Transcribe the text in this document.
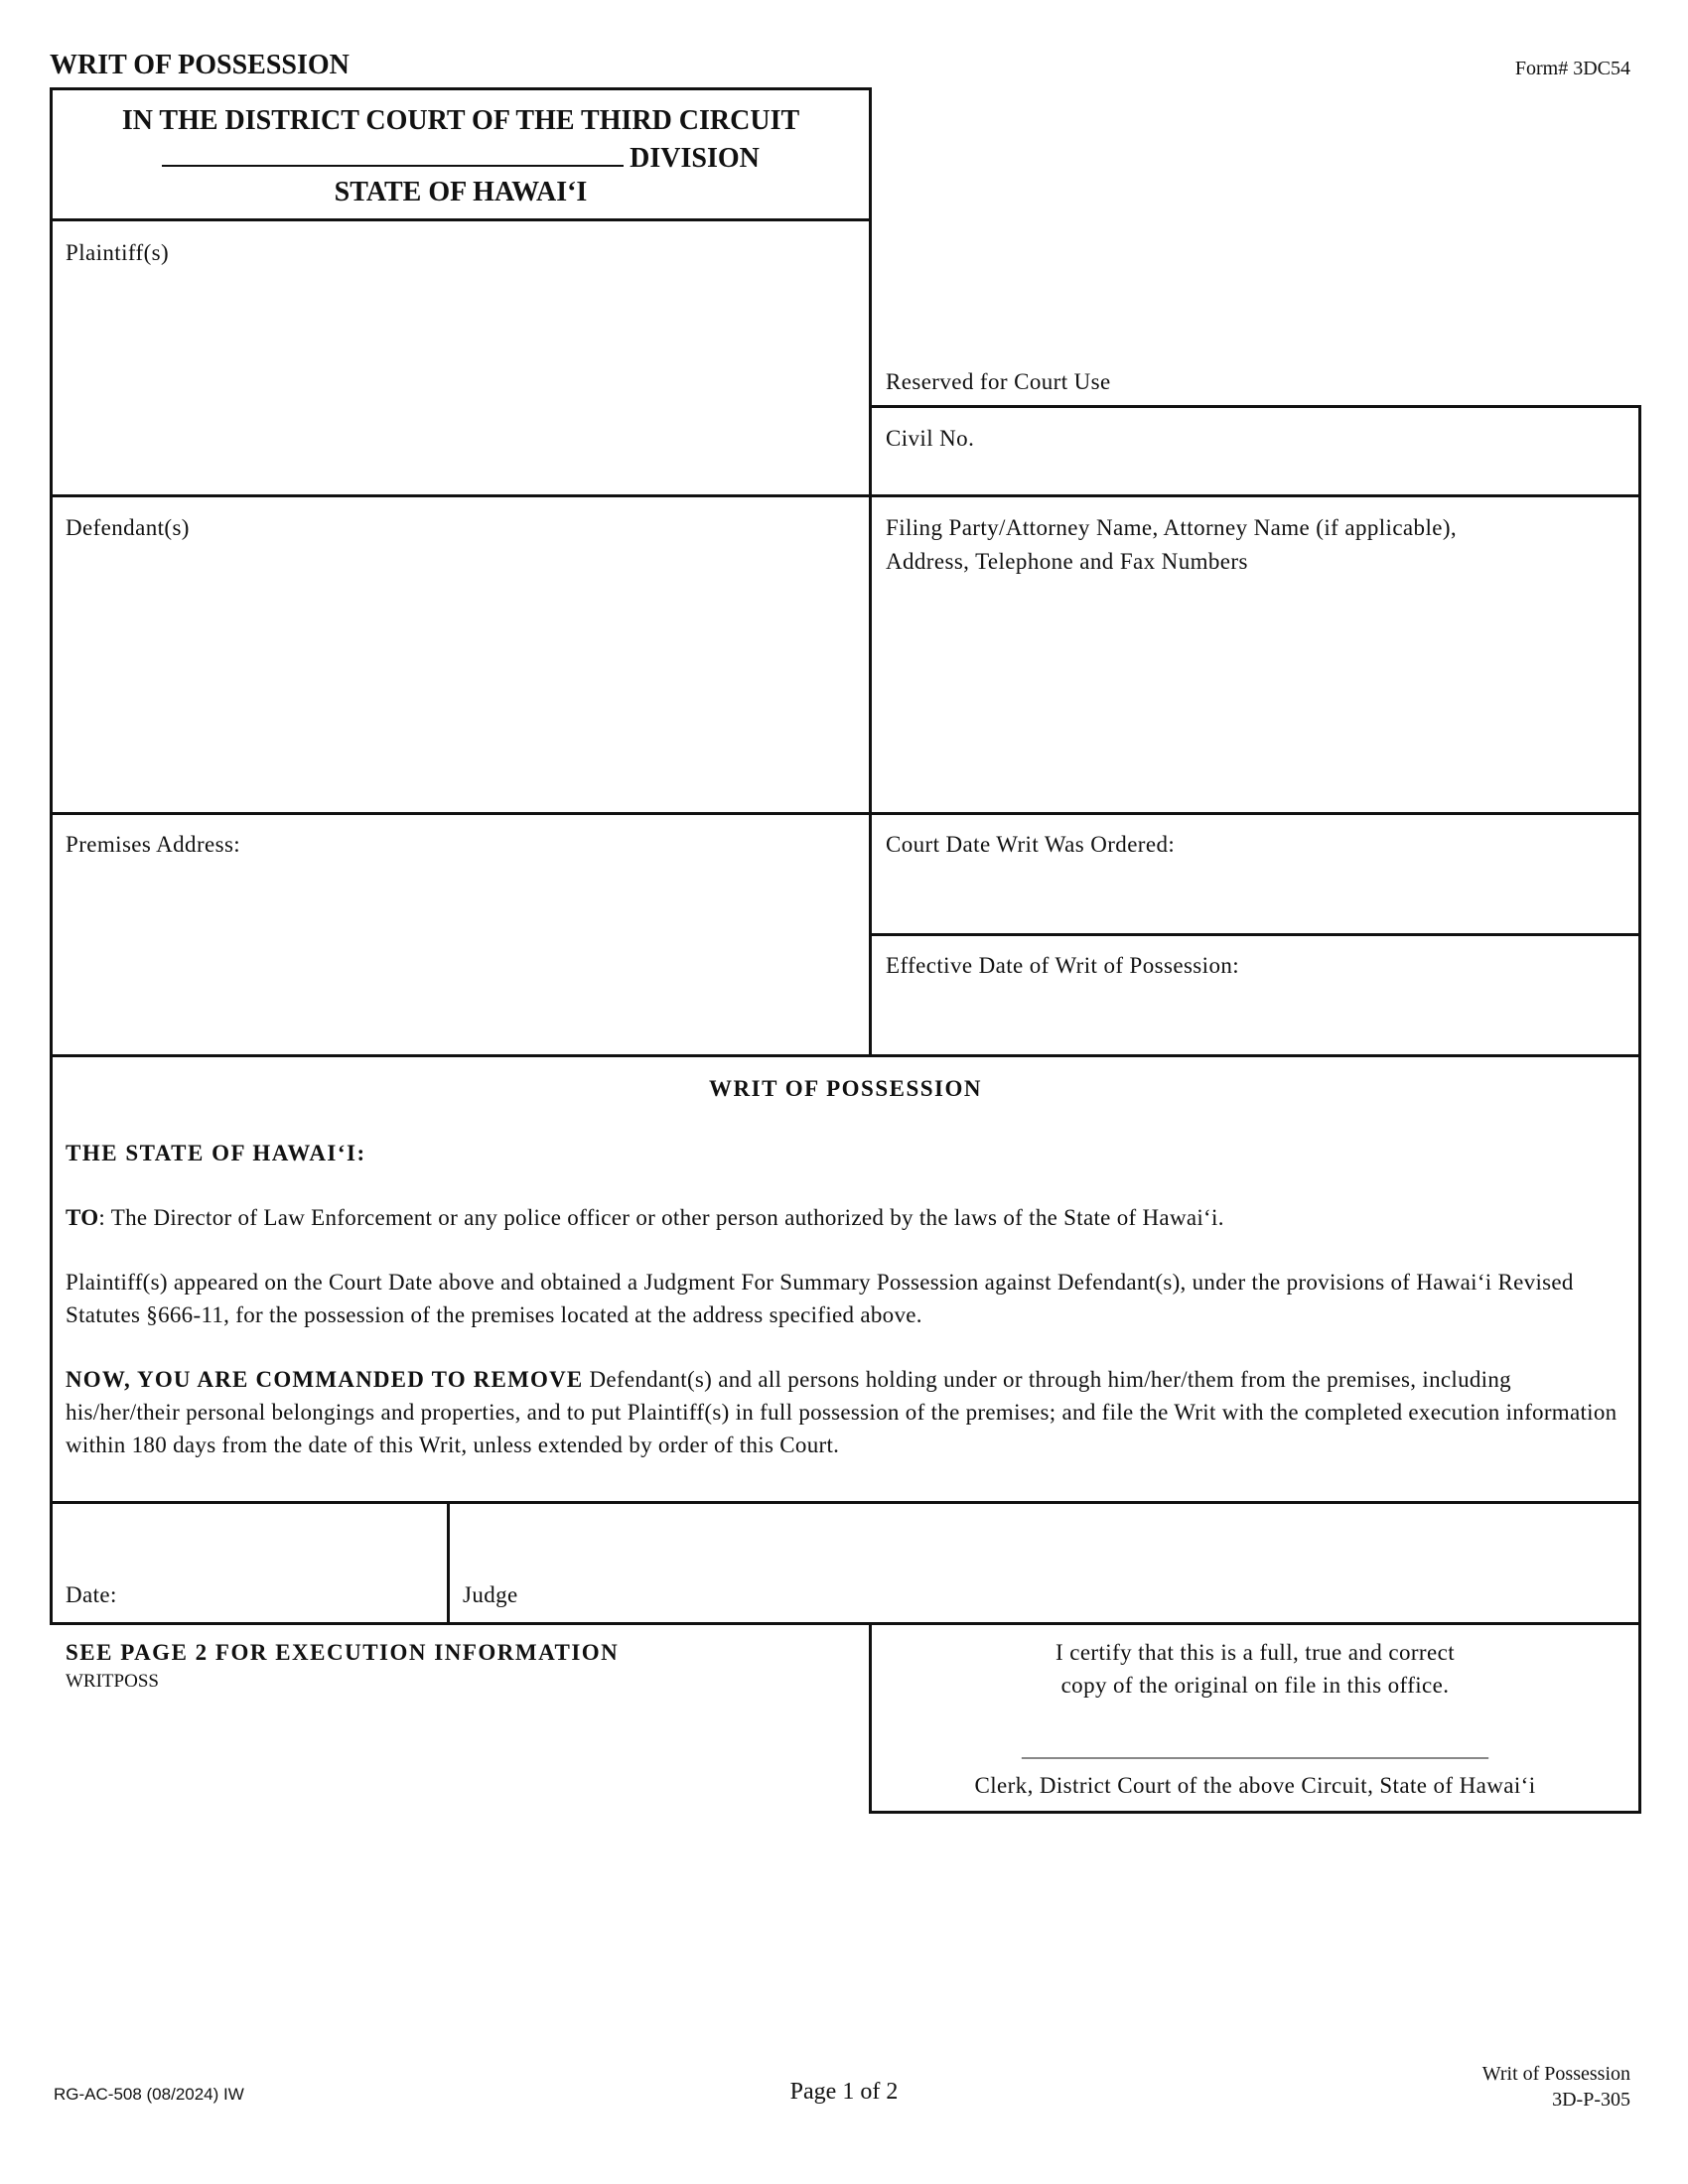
WRIT OF POSSESSION	Form# 3DC54
IN THE DISTRICT COURT OF THE THIRD CIRCUIT
DIVISION
STATE OF HAWAI‘I
Plaintiff(s)
Reserved for Court Use
Civil No.
Defendant(s)	Filing Party/Attorney Name, Attorney Name (if applicable),
Address, Telephone and Fax Numbers
Premises Address:	Court Date Writ Was Ordered:
Effective Date of Writ of Possession:
WRIT OF POSSESSION
THE STATE OF HAWAI‘I:
TO: The Director of Law Enforcement or any police officer or other person authorized by the laws of the State of Hawai‘i.
Plaintiff(s) appeared on the Court Date above and obtained a Judgment For Summary Possession against Defendant(s), under the provisions of Hawai‘i Revised Statutes §666-11, for the possession of the premises located at the address specified above.
NOW, YOU ARE COMMANDED TO REMOVE Defendant(s) and all persons holding under or through him/her/them from the premises, including his/her/their personal belongings and properties, and to put Plaintiff(s) in full possession of the premises; and file the Writ with the completed execution information within 180 days from the date of this Writ, unless extended by order of this Court.
Date:	Judge
SEE PAGE 2 FOR EXECUTION INFORMATION
WRITPOSS
I certify that this is a full, true and correct
copy of the original on file in this office.
_______________________________________________
Clerk, District Court of the above Circuit, State of Hawai‘i
RG-AC-508 (08/2024) IW	Page 1 of 2
Writ of Possession
3D-P-305
